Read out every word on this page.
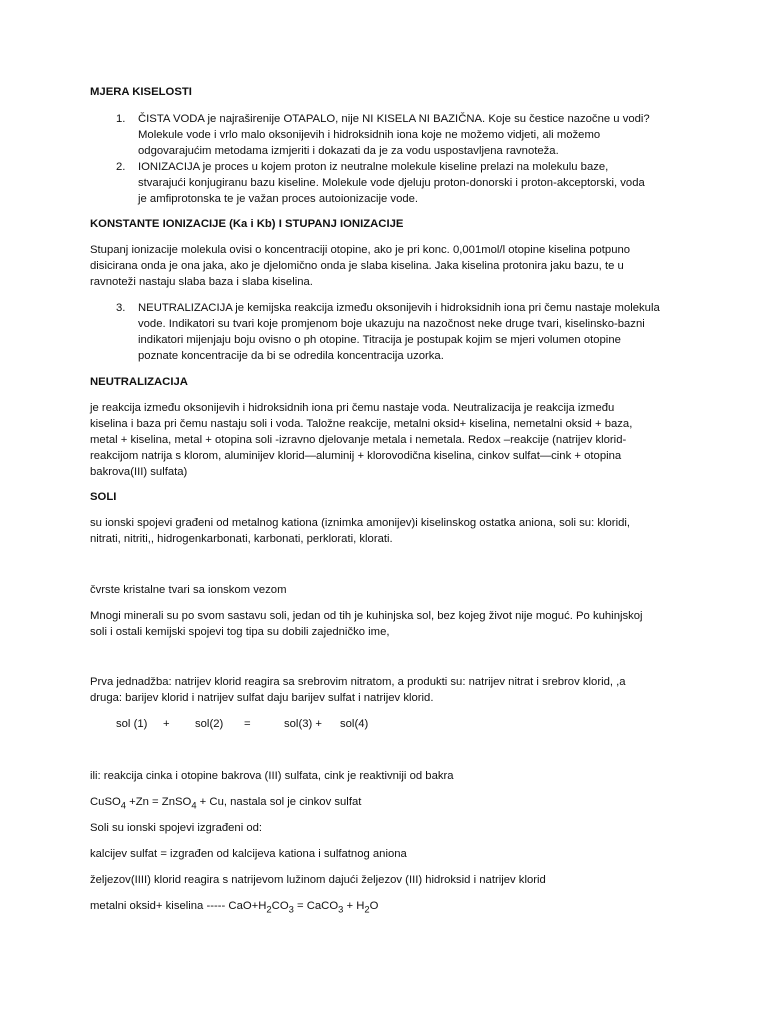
MJERA KISELOSTI
1. ČISTA VODA je najraširenije OTAPALO, nije NI KISELA NI BAZIČNA. Koje su čestice nazočne u vodi?
Molekule vode i vrlo malo oksonijevih i hidroksidnih iona koje ne možemo vidjeti, ali možemo
odgovarajućim metodama izmjeriti i dokazati da je za vodu uspostavljena ravnoteža.
2. IONIZACIJA je proces u kojem proton iz neutralne molekule kiseline prelazi na molekulu baze,
stvarajući konjugiranu bazu kiseline. Molekule vode djeluju proton-donorski i proton-akceptorski, voda
je amfiprotonska te je važan proces autoionizacije vode.
KONSTANTE IONIZACIJE (Ka i Kb) I STUPANJ IONIZACIJE
Stupanj ionizacije molekula ovisi o koncentraciji otopine, ako je pri konc. 0,001mol/l otopine kiselina potpuno
disicirana onda je ona jaka, ako je djelomično onda je slaba kiselina. Jaka kiselina protonira jaku bazu, te u
ravnoteži nastaju slaba baza i slaba kiselina.
3. NEUTRALIZACIJA je kemijska reakcija između oksonijevih i hidroksidnih iona pri čemu nastaje molekula
vode. Indikatori su tvari koje promjenom boje ukazuju na nazočnost neke druge tvari, kiselinsko-bazni
indikatori mijenjaju boju ovisno o ph otopine. Titracija je postupak kojim se mjeri volumen otopine
poznate koncentracije da bi se odredila koncentracija uzorka.
NEUTRALIZACIJA
je reakcija između oksonijevih i hidroksidnih iona pri čemu nastaje voda. Neutralizacija je reakcija između
kiselina i baza pri čemu nastaju soli i voda. Taložne reakcije, metalni oksid+ kiselina, nemetalni oksid + baza,
metal + kiselina, metal + otopina soli -izravno djelovanje metala i nemetala. Redox –reakcije (natrijev klorid-
reakcijom natrija s klorom, aluminijev klorid—aluminij + klorovodična kiselina, cinkov sulfat—cink + otopina
bakrova(III) sulfata)
SOLI
su ionski spojevi građeni od metalnog kationa (iznimka amonijev)i kiselinskog ostatka aniona, soli su: kloridi,
nitrati, nitriti,, hidrogenkarbonati, karbonati, perklorati, klorati.
čvrste kristalne tvari sa ionskom vezom
Mnogi minerali su po svom sastavu soli, jedan od tih je kuhinjska sol, bez kojeg život nije moguć. Po kuhinjskoj
soli i ostali kemijski spojevi tog tipa su dobili zajedničko ime,
Prva jednadžba: natrijev klorid reagira sa srebrovim nitratom, a produkti su: natrijev nitrat i srebrov klorid, ,a
druga: barijev klorid i natrijev sulfat daju barijev sulfat i natrijev klorid.
sol (1) + sol(2) =	sol(3) + sol(4)
ili: reakcija cinka i otopine bakrova (III) sulfata, cink je reaktivniji od bakra
CuSO$_4$ +Zn = ZnSO$_4$ + Cu, nastala sol je cinkov sulfat
Soli su ionski spojevi izgrađeni od:
kalcijev sulfat = izgrađen od kalcijeva kationa i sulfatnog aniona
željezov(IIII) klorid reagira s natrijevom lužinom dajući željezov (III) hidroksid i natrijev klorid
metalni oksid+ kiselina ----- $CaO+H_2CO_3$ = CaCO$_3$ + $H_2O$
